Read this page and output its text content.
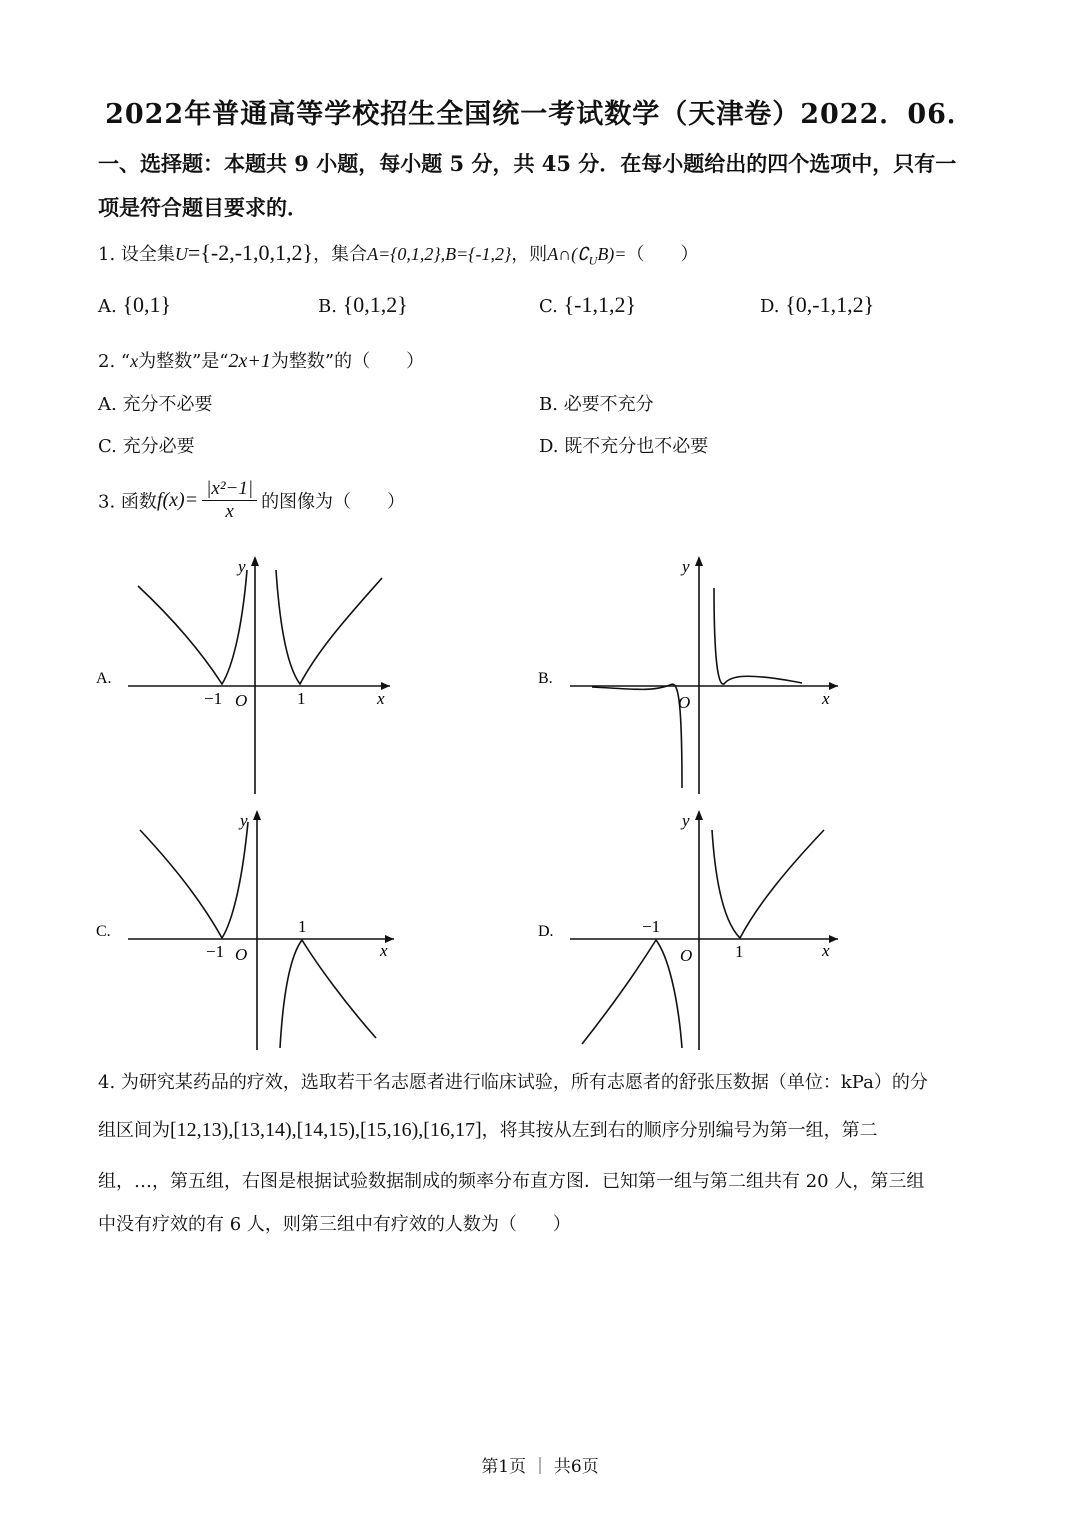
2022年普通高等学校招生全国统一考试数学（天津卷）2022．06．
一、选择题：本题共 9 小题，每小题 5 分，共 45 分．在每小题给出的四个选项中，只有一
项是符合题目要求的．
1. 设全集U={-2,-1,0,1,2}，集合A={0,1,2},B={-1,2}，则$A\cap(∁_UB)=$（　　）
A. {0,1}	B. {0,1,2}	C. {-1,1,2}	D. {0,-1,1,2}
2. “x为整数”是“2x+1为整数”的（　　）
A. 充分不必要	B. 必要不充分
C. 充分必要	D. 既不充分也不必要
3. 函数$f(x)= \frac{\text{|x²−1|}}{x}$ 的图像为（　　）
A.
−1 O	1	x
y
B.
O	x
y
C.
−1 O
1
x
y
D.	−1
O	1	x
y
4. 为研究某药品的疗效，选取若干名志愿者进行临床试验，所有志愿者的舒张压数据（单位：kPa）的分
组区间为[12,13),[13,14),[14,15),[15,16),[16,17]，将其按从左到右的顺序分别编号为第一组，第二
组，…，第五组，右图是根据试验数据制成的频率分布直方图．已知第一组与第二组共有 20 人，第三组
中没有疗效的有 6 人，则第三组中有疗效的人数为（　　）
第1页 ｜ 共6页
